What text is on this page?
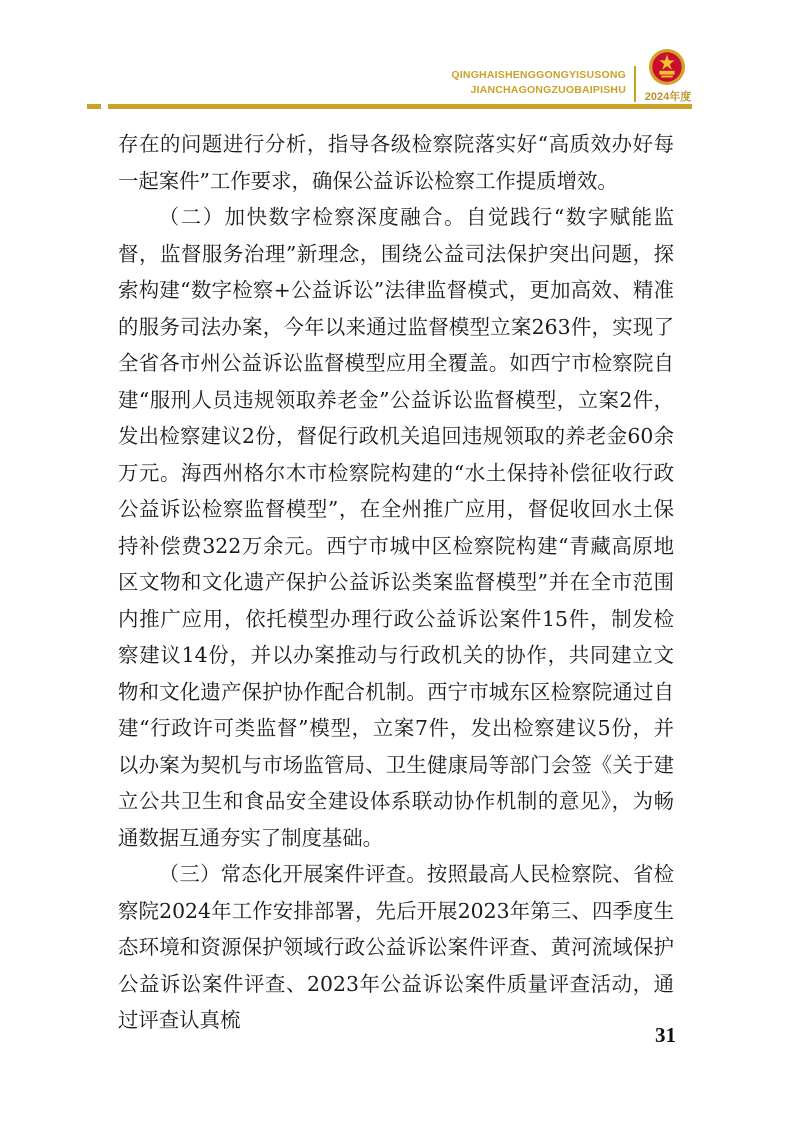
QINGHAISHENGGONGYISUSONG
JIANCHAGONGZUOBAIPISHU
2024年度

存在的问题进行分析，指导各级检察院落实好“高质效办好每一起案件”工作要求，确保公益诉讼检察工作提质增效。

（二）加快数字检察深度融合。自觉践行“数字赋能监督，监督服务治理”新理念，围绕公益司法保护突出问题，探索构建“数字检察+公益诉讼”法律监督模式，更加高效、精准的服务司法办案，今年以来通过监督模型立案263件，实现了全省各市州公益诉讼监督模型应用全覆盖。如西宁市检察院自建“服刑人员违规领取养老金”公益诉讼监督模型，立案2件，发出检察建议2份，督促行政机关追回违规领取的养老金60余万元。海西州格尔木市检察院构建的“水土保持补偿征收行政公益诉讼检察监督模型”，在全州推广应用，督促收回水土保持补偿费322万余元。西宁市城中区检察院构建“青藏高原地区文物和文化遗产保护公益诉讼类案监督模型”并在全市范围内推广应用，依托模型办理行政公益诉讼案件15件，制发检察建议14份，并以办案推动与行政机关的协作，共同建立文物和文化遗产保护协作配合机制。西宁市城东区检察院通过自建“行政许可类监督”模型，立案7件，发出检察建议5份，并以办案为契机与市场监管局、卫生健康局等部门会签《关于建立公共卫生和食品安全建设体系联动协作机制的意见》，为畅通数据互通夯实了制度基础。

（三）常态化开展案件评查。按照最高人民检察院、省检察院2024年工作安排部署，先后开展2023年第三、四季度生态环境和资源保护领域行政公益诉讼案件评查、黄河流域保护公益诉讼案件评查、2023年公益诉讼案件质量评查活动，通过评查认真梳

31
